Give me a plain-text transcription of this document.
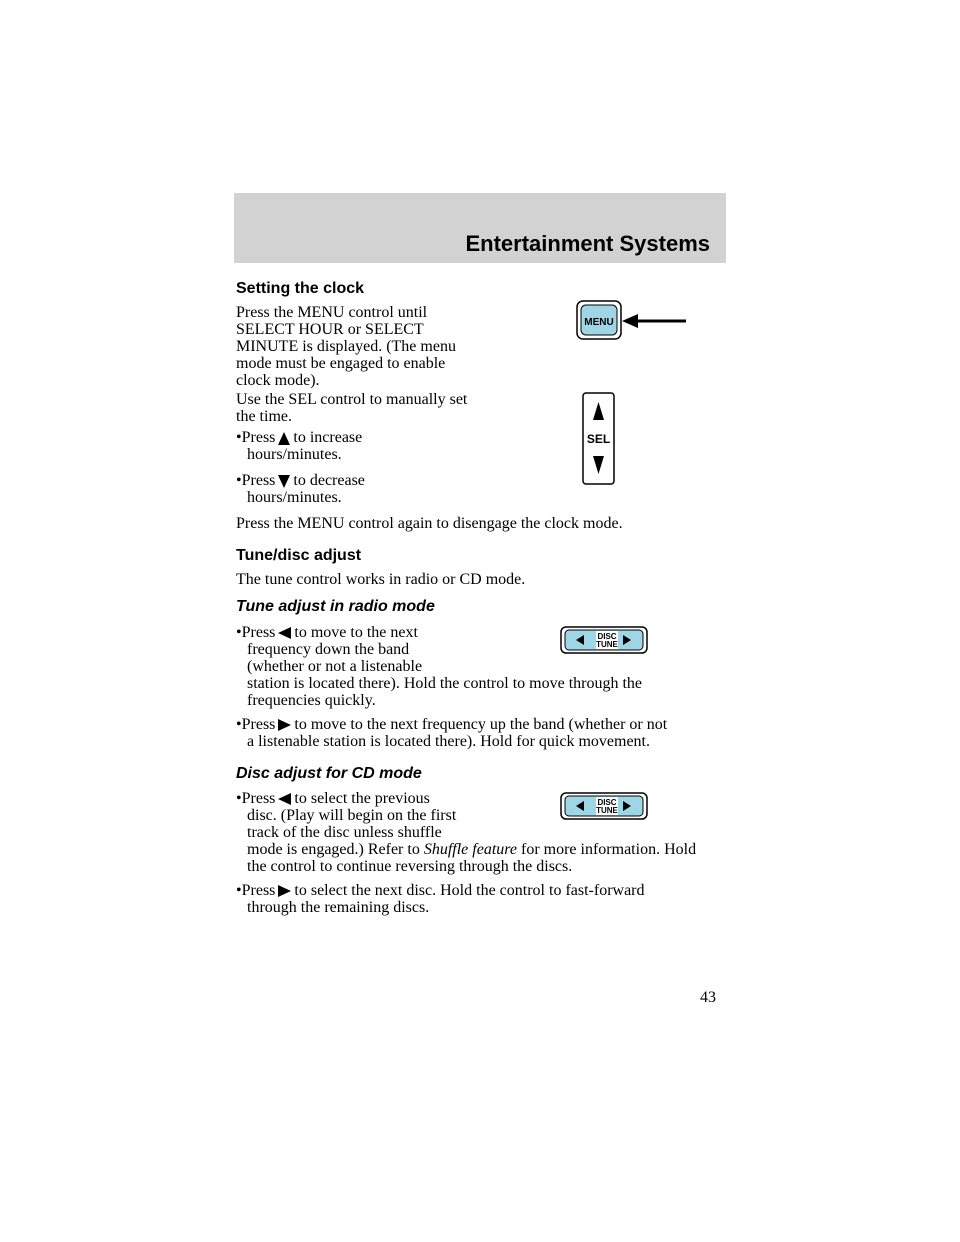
Entertainment Systems
Setting the clock
Press the MENU control until
SELECT HOUR or SELECT
MINUTE is displayed. (The menu
mode must be engaged to enable
clock mode).
Use the SEL control to manually set
the time.
•Press to increase
hours/minutes.
•Press to decrease
hours/minutes.
Press the MENU control again to disengage the clock mode.
MENU
SEL
Tune/disc adjust
The tune control works in radio or CD mode.
Tune adjust in radio mode
•Press to move to the next
frequency down the band
(whether or not a listenable
station is located there). Hold the control to move through the
frequencies quickly.
•Press to move to the next frequency up the band (whether or not
a listenable station is located there). Hold for quick movement.
DISC
TUNE
Disc adjust for CD mode
•Press to select the previous
disc. (Play will begin on the first
track of the disc unless shuffle
mode is engaged.) Refer to Shuffle feature for more information. Hold
the control to continue reversing through the discs.
•Press to select the next disc. Hold the control to fast-forward
through the remaining discs.
DISC
TUNE
43
